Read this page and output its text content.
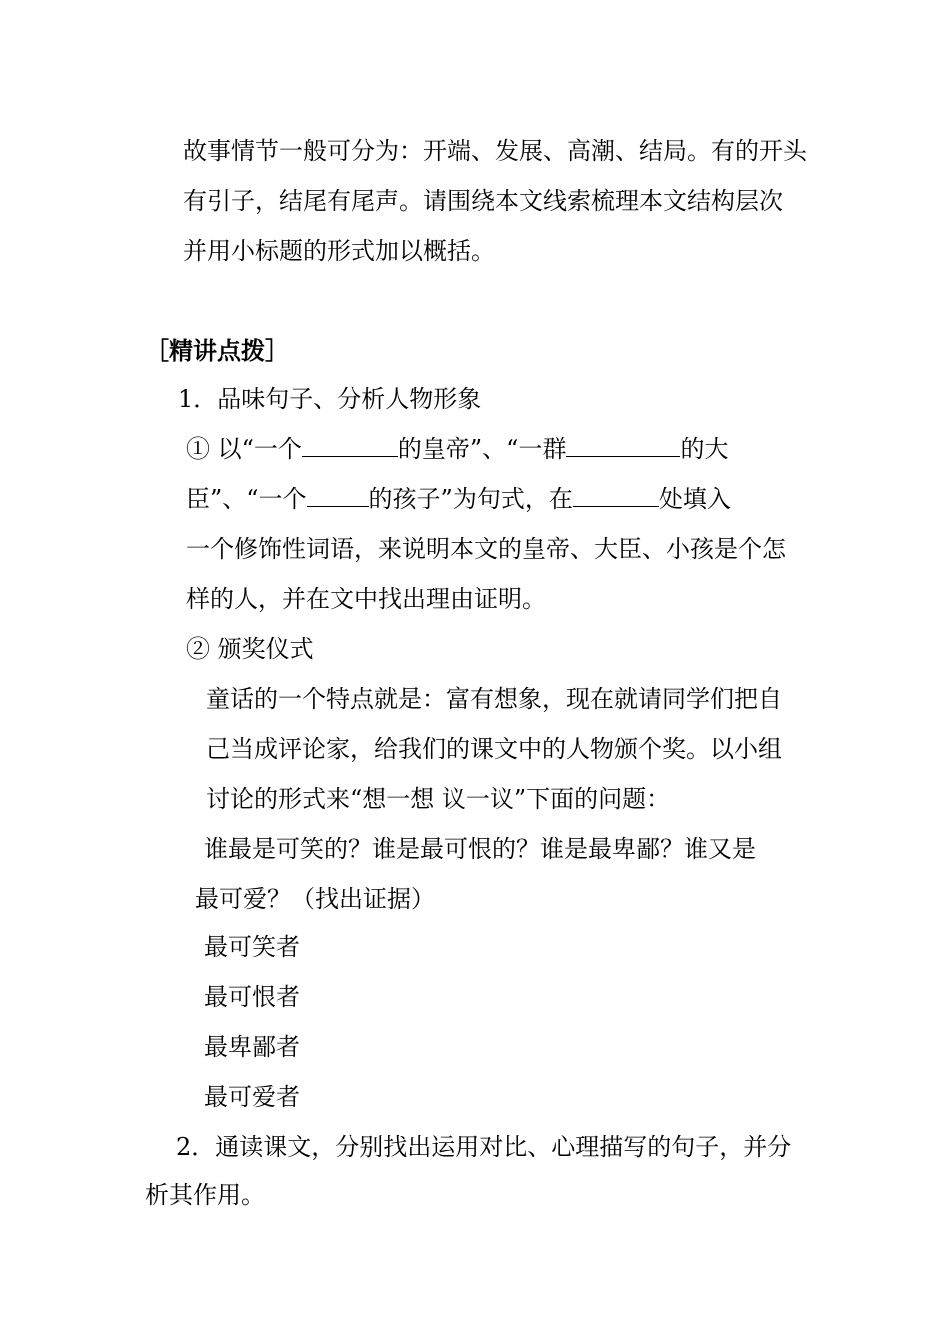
故事情节一般可分为：开端、发展、高潮、结局。有的开头
有引子，结尾有尾声。请围绕本文线索梳理本文结构层次
并用小标题的形式加以概括。
［精讲点拨］
1．品味句子、分析人物形象
① 以“一个	的皇帝”、“一群	的大
臣”、“一个	的孩子”为句式，在	处填入
一个修饰性词语，来说明本文的皇帝、大臣、小孩是个怎
样的人，并在文中找出理由证明。
② 颁奖仪式
童话的一个特点就是：富有想象，现在就请同学们把自
己当成评论家，给我们的课文中的人物颁个奖。以小组
讨论的形式来“想一想 议一议”下面的问题：
谁最是可笑的？谁是最可恨的？谁是最卑鄙？谁又是
最可爱？（找出证据）
最可笑者
最可恨者
最卑鄙者
最可爱者
2．通读课文，分别找出运用对比、心理描写的句子，并分
析其作用。
